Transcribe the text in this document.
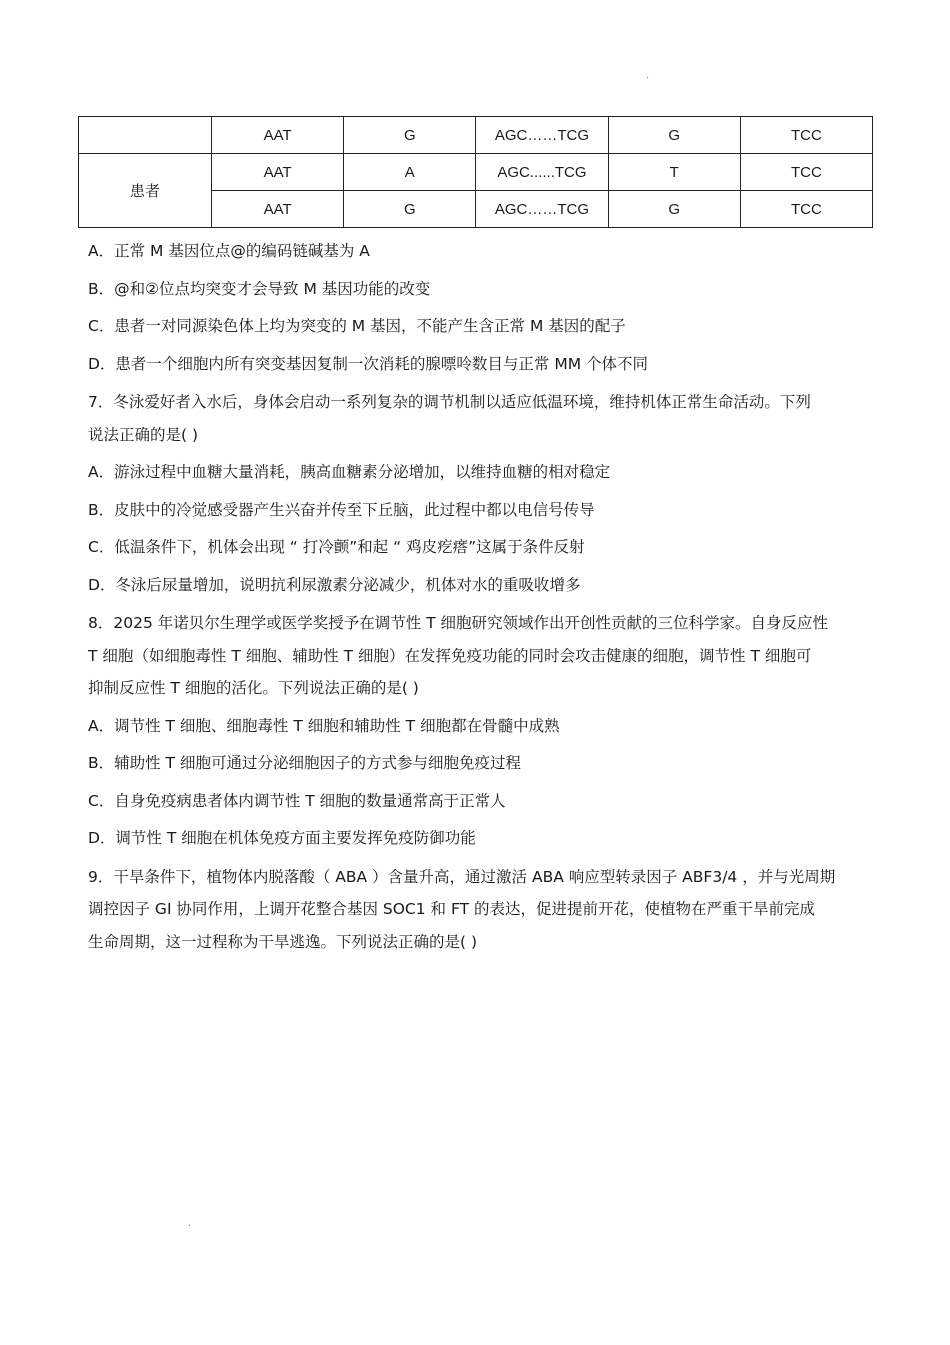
.
	AAT	G	AGC……TCG	G	TCC
患者	AAT	A	AGC......TCG	T	TCC
	AAT	G	AGC……TCG	G	TCC
A．正常 M 基因位点@的编码链碱基为 A
B．@和②位点均突变才会导致 M 基因功能的改变
C．患者一对同源染色体上均为突变的 M 基因，不能产生含正常 M 基因的配子
D．患者一个细胞内所有突变基因复制一次消耗的腺嘌呤数目与正常 MM 个体不同
7．冬泳爱好者入水后，身体会启动一系列复杂的调节机制以适应低温环境，维持机体正常生命活动。下列
说法正确的是( )
A．游泳过程中血糖大量消耗，胰高血糖素分泌增加，以维持血糖的相对稳定
B．皮肤中的冷觉感受器产生兴奋并传至下丘脑，此过程中都以电信号传导
C．低温条件下，机体会出现 “ 打冷颤”和起 “ 鸡皮疙瘩”这属于条件反射
D．冬泳后尿量增加，说明抗利尿激素分泌减少，机体对水的重吸收增多
8．2025 年诺贝尔生理学或医学奖授予在调节性 T 细胞研究领域作出开创性贡献的三位科学家。自身反应性
T 细胞（如细胞毒性 T 细胞、辅助性 T 细胞）在发挥免疫功能的同时会攻击健康的细胞，调节性 T 细胞可
抑制反应性 T 细胞的活化。下列说法正确的是( )
A．调节性 T 细胞、细胞毒性 T 细胞和辅助性 T 细胞都在骨髓中成熟
B．辅助性 T 细胞可通过分泌细胞因子的方式参与细胞免疫过程
C．自身免疫病患者体内调节性 T 细胞的数量通常高于正常人
D．调节性 T 细胞在机体免疫方面主要发挥免疫防御功能
9．干旱条件下，植物体内脱落酸（ ABA ）含量升高，通过激活 ABA 响应型转录因子 ABF3/4 ，并与光周期
调控因子 GI 协同作用，上调开花整合基因 SOC1 和 FT 的表达，促进提前开花，使植物在严重干旱前完成
生命周期，这一过程称为干旱逃逸。下列说法正确的是( )
.
